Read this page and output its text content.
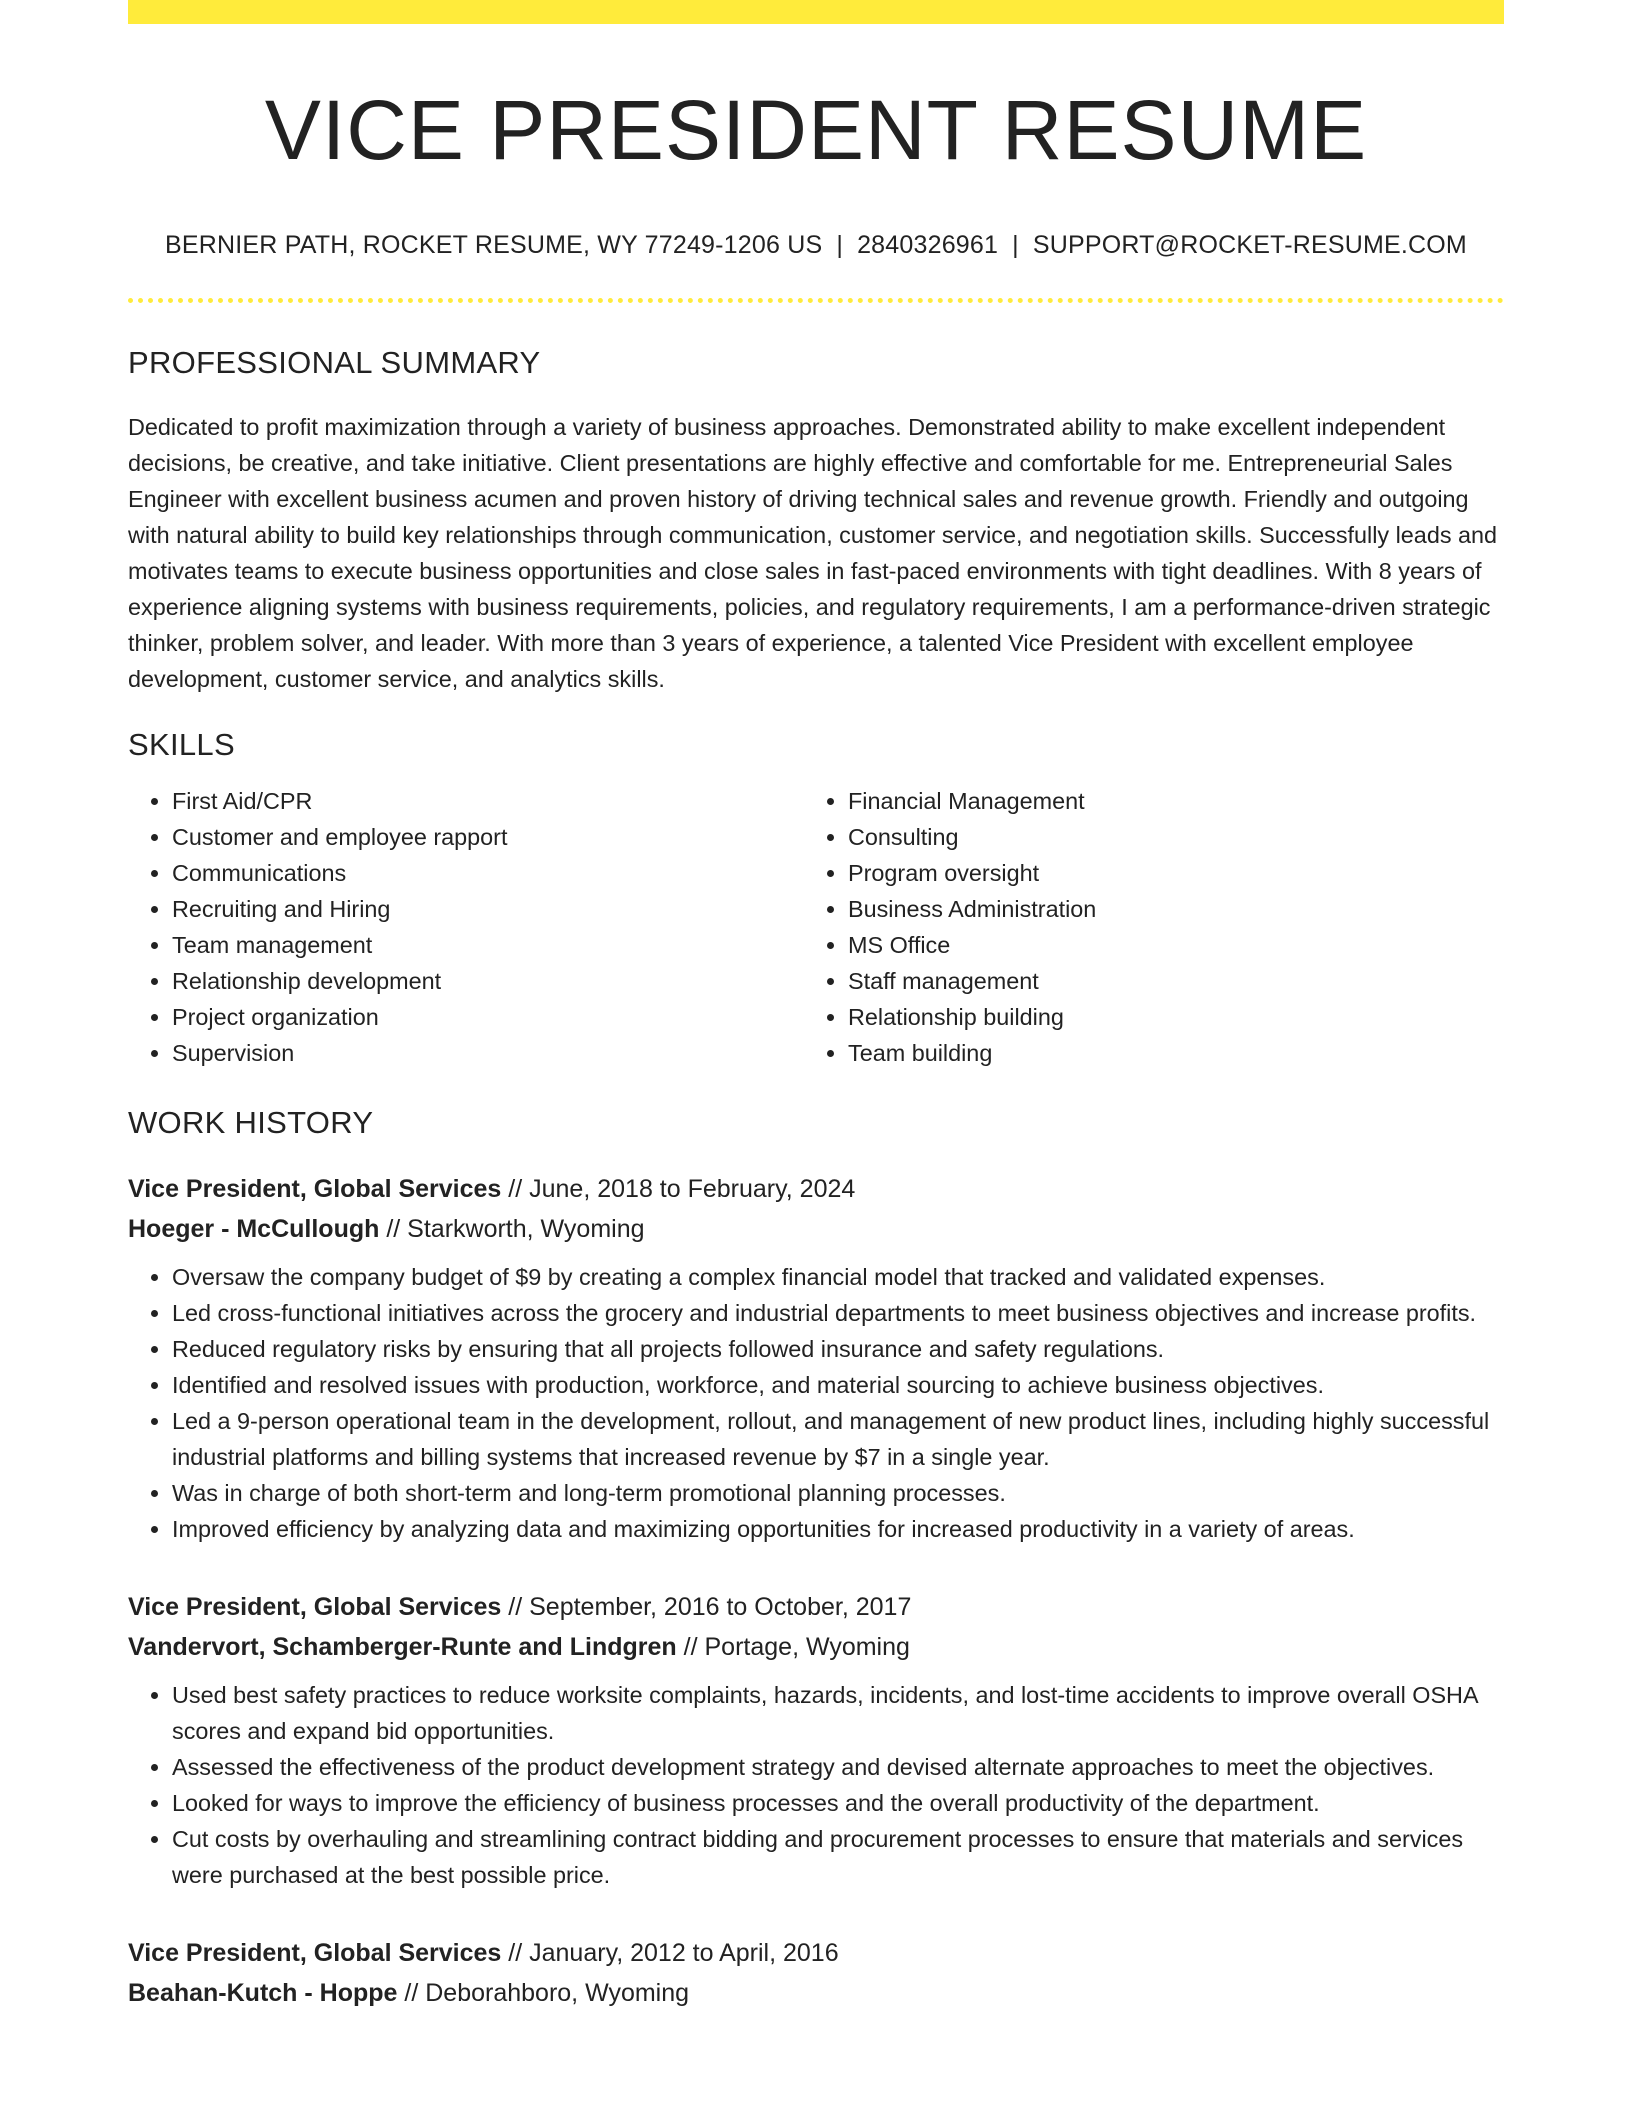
VICE PRESIDENT RESUME
BERNIER PATH, ROCKET RESUME, WY 77249-1206 US | 2840326961 | SUPPORT@ROCKET-RESUME.COM
PROFESSIONAL SUMMARY

Dedicated to profit maximization through a variety of business approaches. Demonstrated ability to make excellent independent decisions, be creative, and take initiative. Client presentations are highly effective and comfortable for me. Entrepreneurial Sales Engineer with excellent business acumen and proven history of driving technical sales and revenue growth. Friendly and outgoing with natural ability to build key relationships through communication, customer service, and negotiation skills. Successfully leads and motivates teams to execute business opportunities and close sales in fast-paced environments with tight deadlines. With 8 years of experience aligning systems with business requirements, policies, and regulatory requirements, I am a performance-driven strategic thinker, problem solver, and leader. With more than 3 years of experience, a talented Vice President with excellent employee development, customer service, and analytics skills.

SKILLS
• First Aid/CPR
• Customer and employee rapport
• Communications
• Recruiting and Hiring
• Team management
• Relationship development
• Project organization
• Supervision
• Financial Management
• Consulting
• Program oversight
• Business Administration
• MS Office
• Staff management
• Relationship building
• Team building
WORK HISTORY
Vice President, Global Services // June, 2018 to February, 2024
Hoeger - McCullough // Starkworth, Wyoming
• Oversaw the company budget of $9 by creating a complex financial model that tracked and validated expenses.
• Led cross-functional initiatives across the grocery and industrial departments to meet business objectives and increase profits.
• Reduced regulatory risks by ensuring that all projects followed insurance and safety regulations.
• Identified and resolved issues with production, workforce, and material sourcing to achieve business objectives.
• Led a 9-person operational team in the development, rollout, and management of new product lines, including highly successful industrial platforms and billing systems that increased revenue by $7 in a single year.
• Was in charge of both short-term and long-term promotional planning processes.
• Improved efficiency by analyzing data and maximizing opportunities for increased productivity in a variety of areas.
Vice President, Global Services // September, 2016 to October, 2017
Vandervort, Schamberger-Runte and Lindgren // Portage, Wyoming
• Used best safety practices to reduce worksite complaints, hazards, incidents, and lost-time accidents to improve overall OSHA scores and expand bid opportunities.
• Assessed the effectiveness of the product development strategy and devised alternate approaches to meet the objectives.
• Looked for ways to improve the efficiency of business processes and the overall productivity of the department.
• Cut costs by overhauling and streamlining contract bidding and procurement processes to ensure that materials and services were purchased at the best possible price.
Vice President, Global Services // January, 2012 to April, 2016
Beahan-Kutch - Hoppe // Deborahboro, Wyoming
